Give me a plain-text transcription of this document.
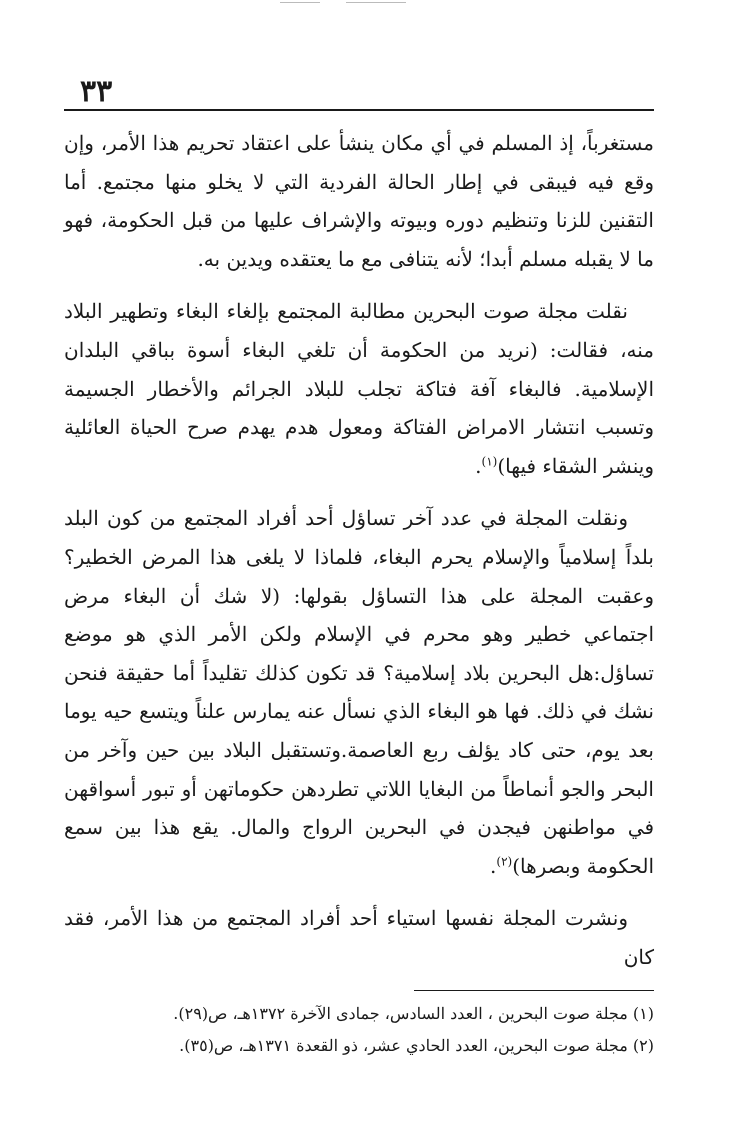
٣٣

مستغرباً، إذ المسلم في أي مكان ينشأ على اعتقاد تحريم هذا الأمر، وإن وقع فيه فيبقى في إطار الحالة الفردية التي لا يخلو منها مجتمع. أما التقنين للزنا وتنظيم دوره وبيوته والإشراف عليها من قبل الحكومة، فهو ما لا يقبله مسلم أبدا؛ لأنه يتنافى مع ما يعتقده ويدين به.

نقلت مجلة صوت البحرين مطالبة المجتمع بإلغاء البغاء وتطهير البلاد منه، فقالت: (نريد من الحكومة أن تلغي البغاء أسوة بباقي البلدان الإسلامية. فالبغاء آفة فتاكة تجلب للبلاد الجرائم والأخطار الجسيمة وتسبب انتشار الامراض الفتاكة ومعول هدم يهدم صرح الحياة العائلية وينشر الشقاء فيها)$^{(١)}$.

ونقلت المجلة في عدد آخر تساؤل أحد أفراد المجتمع من كون البلد بلداً إسلامياً والإسلام يحرم البغاء، فلماذا لا يلغى هذا المرض الخطير؟وعقبت المجلة على هذا التساؤل بقولها: (لا شك أن البغاء مرض اجتماعي خطير وهو محرم في الإسلام ولكن الأمر الذي هو موضع تساؤل:هل البحرين بلاد إسلامية؟ قد تكون كذلك تقليداً أما حقيقة فنحن نشك في ذلك. فها هو البغاء الذي نسأل عنه يمارس علناً ويتسع حيه يوما بعد يوم، حتى كاد يؤلف ربع العاصمة.وتستقبل البلاد بين حين وآخر من البحر والجو أنماطاً من البغايا اللاتي تطردهن حكوماتهن أو تبور أسواقهن في مواطنهن فيجدن في البحرين الرواج والمال. يقع هذا بين سمع الحكومة وبصرها)$^{(٢)}$.

ونشرت المجلة نفسها استياء أحد أفراد المجتمع من هذا الأمر، فقد كان

(١) مجلة صوت البحرين ، العدد السادس، جمادى الآخرة ١٣٧٢هـ، ص(٢٩).
(٢) مجلة صوت البحرين، العدد الحادي عشر، ذو القعدة ١٣٧١هـ، ص(٣٥).
